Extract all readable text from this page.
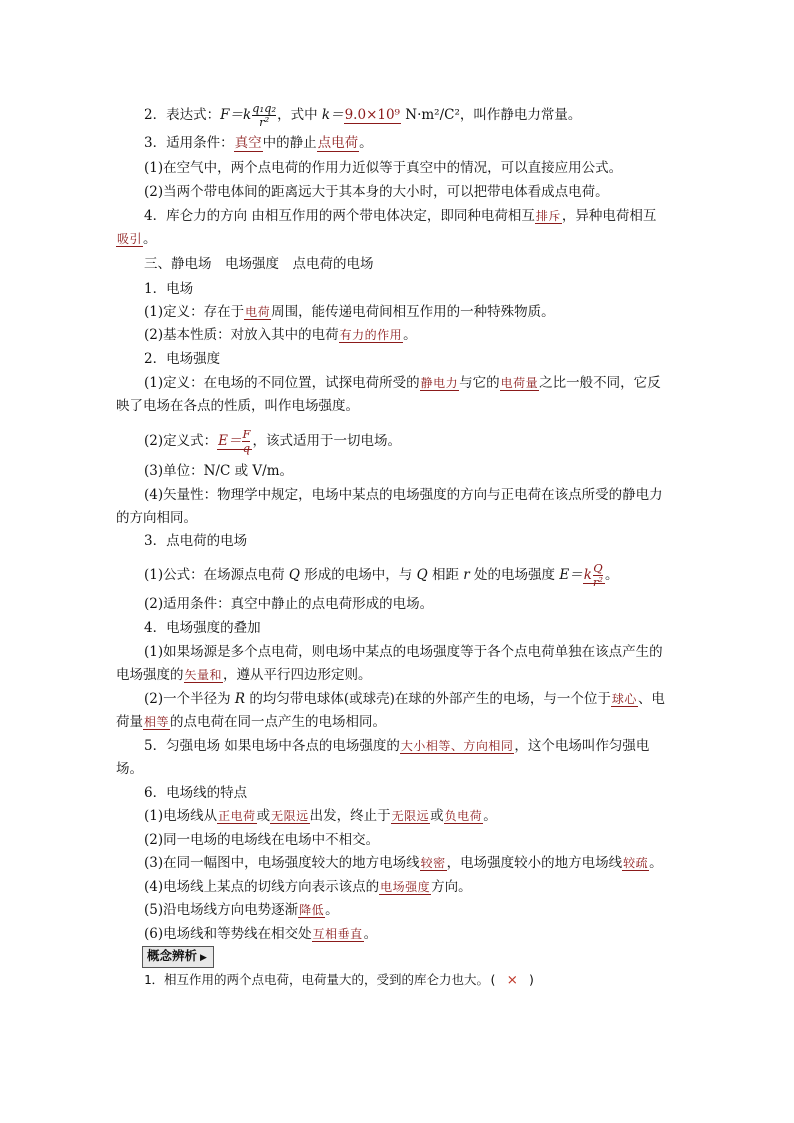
2．表达式：$F=k \frac{\text{q₁q₂}}{\text{r²}}$ ，式中 k＝9.0×10⁹ N·m²/C²，叫作静电力常量。
3．适用条件：真空中的静止点电荷。
(1)在空气中，两个点电荷的作用力近似等于真空中的情况，可以直接应用公式。
(2)当两个带电体间的距离远大于其本身的大小时，可以把带电体看成点电荷。
4．库仑力的方向 由相互作用的两个带电体决定，即同种电荷相互排斥，异种电荷相互
吸引。
三、静电场　电场强度　点电荷的电场
1．电场
(1)定义：存在于电荷周围，能传递电荷间相互作用的一种特殊物质。
(2)基本性质：对放入其中的电荷有力的作用。
2．电场强度
(1)定义：在电场的不同位置，试探电荷所受的静电力与它的电荷量之比一般不同，它反
映了电场在各点的性质，叫作电场强度。
(2)定义式：$E= \frac{F}{q}$ ，该式适用于一切电场。
(3)单位：N/C 或 V/m。
(4)矢量性：物理学中规定，电场中某点的电场强度的方向与正电荷在该点所受的静电力
的方向相同。
3．点电荷的电场
(1)公式：在场源点电荷 Q 形成的电场中，与 Q 相距 r 处的电场强度 $E=k \frac{Q}{\text{r²}}$ 。
(2)适用条件：真空中静止的点电荷形成的电场。
4．电场强度的叠加
(1)如果场源是多个点电荷，则电场中某点的电场强度等于各个点电荷单独在该点产生的
电场强度的矢量和，遵从平行四边形定则。
(2)一个半径为 R 的均匀带电球体(或球壳)在球的外部产生的电场，与一个位于球心、电
荷量相等的点电荷在同一点产生的电场相同。
5．匀强电场 如果电场中各点的电场强度的大小相等、方向相同，这个电场叫作匀强电
场。
6．电场线的特点
(1)电场线从正电荷或无限远出发，终止于无限远或负电荷。
(2)同一电场的电场线在电场中不相交。
(3)在同一幅图中，电场强度较大的地方电场线较密，电场强度较小的地方电场线较疏。
(4)电场线上某点的切线方向表示该点的电场强度方向。
(5)沿电场线方向电势逐渐降低。
(6)电场线和等势线在相交处互相垂直。
概念辨析 ▶
1．相互作用的两个点电荷，电荷量大的，受到的库仑力也大。( × )
